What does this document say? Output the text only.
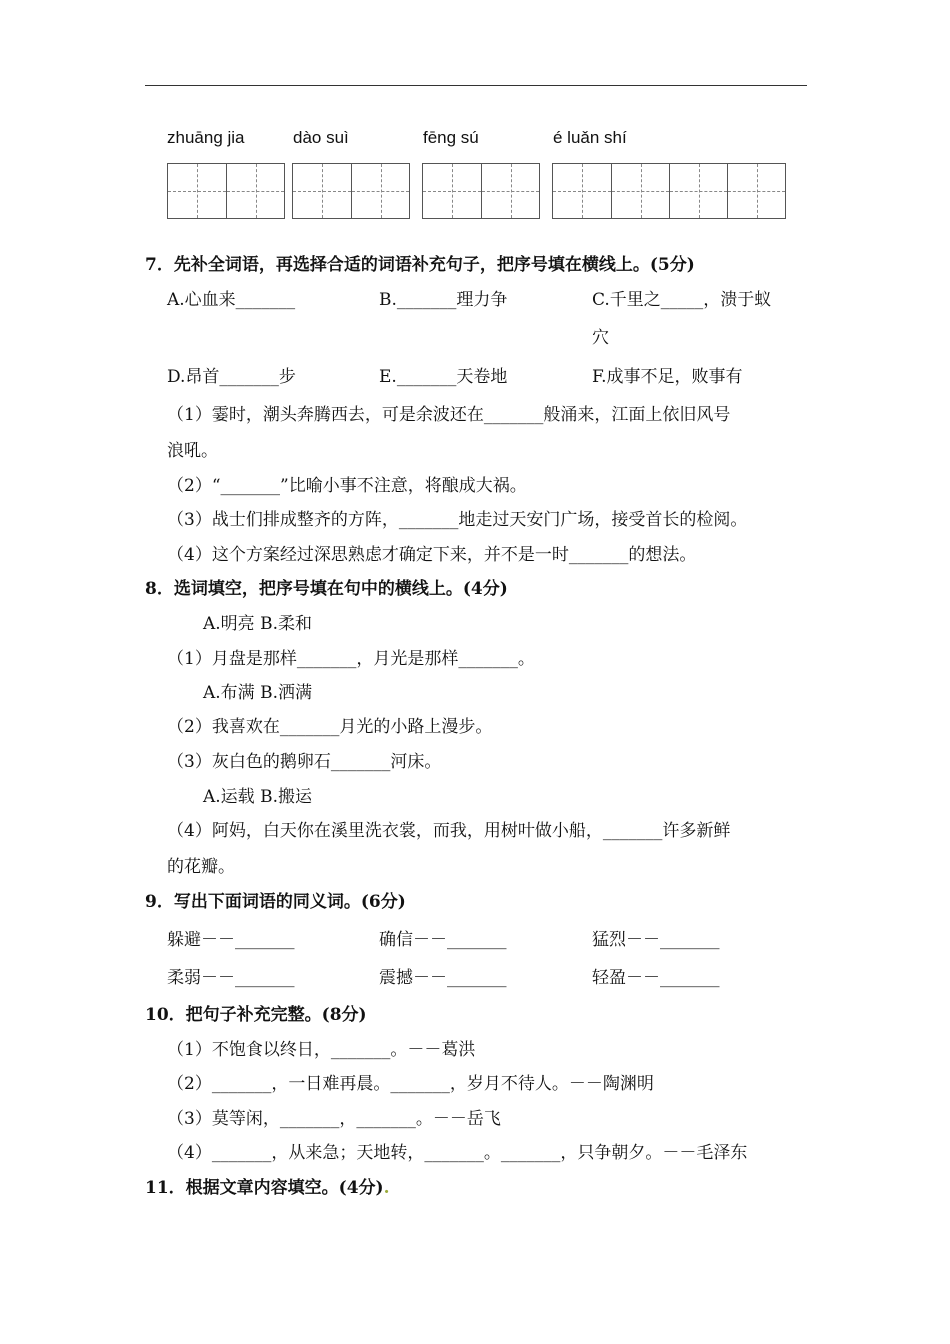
zhuāng jia	dào suì	fēng sú	é luǎn shí
7．先补全词语，再选择合适的词语补充句子，把序号填在横线上。(5分)
A.心血来_______	B._______理力争	C.千里之_____，溃于蚁
穴
D.昂首_______步	E._______天卷地	F.成事不足，败事有
（1）霎时，潮头奔腾西去，可是余波还在_______般涌来，江面上依旧风号
浪吼。
（2）“_______”比喻小事不注意，将酿成大祸。
（3）战士们排成整齐的方阵，_______地走过天安门广场，接受首长的检阅。
（4）这个方案经过深思熟虑才确定下来，并不是一时_______的想法。
8．选词填空，把序号填在句中的横线上。(4分)
A.明亮 B.柔和
（1）月盘是那样_______，月光是那样_______。
A.布满 B.洒满
（2）我喜欢在_______月光的小路上漫步。
（3）灰白色的鹅卵石_______河床。
A.运载 B.搬运
（4）阿妈，白天你在溪里洗衣裳，而我，用树叶做小船，_______许多新鲜
的花瓣。
9．写出下面词语的同义词。(6分)
躲避－－_______	确信－－_______	猛烈－－_______
柔弱－－_______	震撼－－_______	轻盈－－_______
10．把句子补充完整。(8分)
（1）不饱食以终日，_______。－－葛洪
（2）_______，一日难再晨。_______，岁月不待人。－－陶渊明
（3）莫等闲，_______，_______。－－岳飞
（4）_______，从来急；天地转，_______。_______，只争朝夕。－－毛泽东
11．根据文章内容填空。(4分).
